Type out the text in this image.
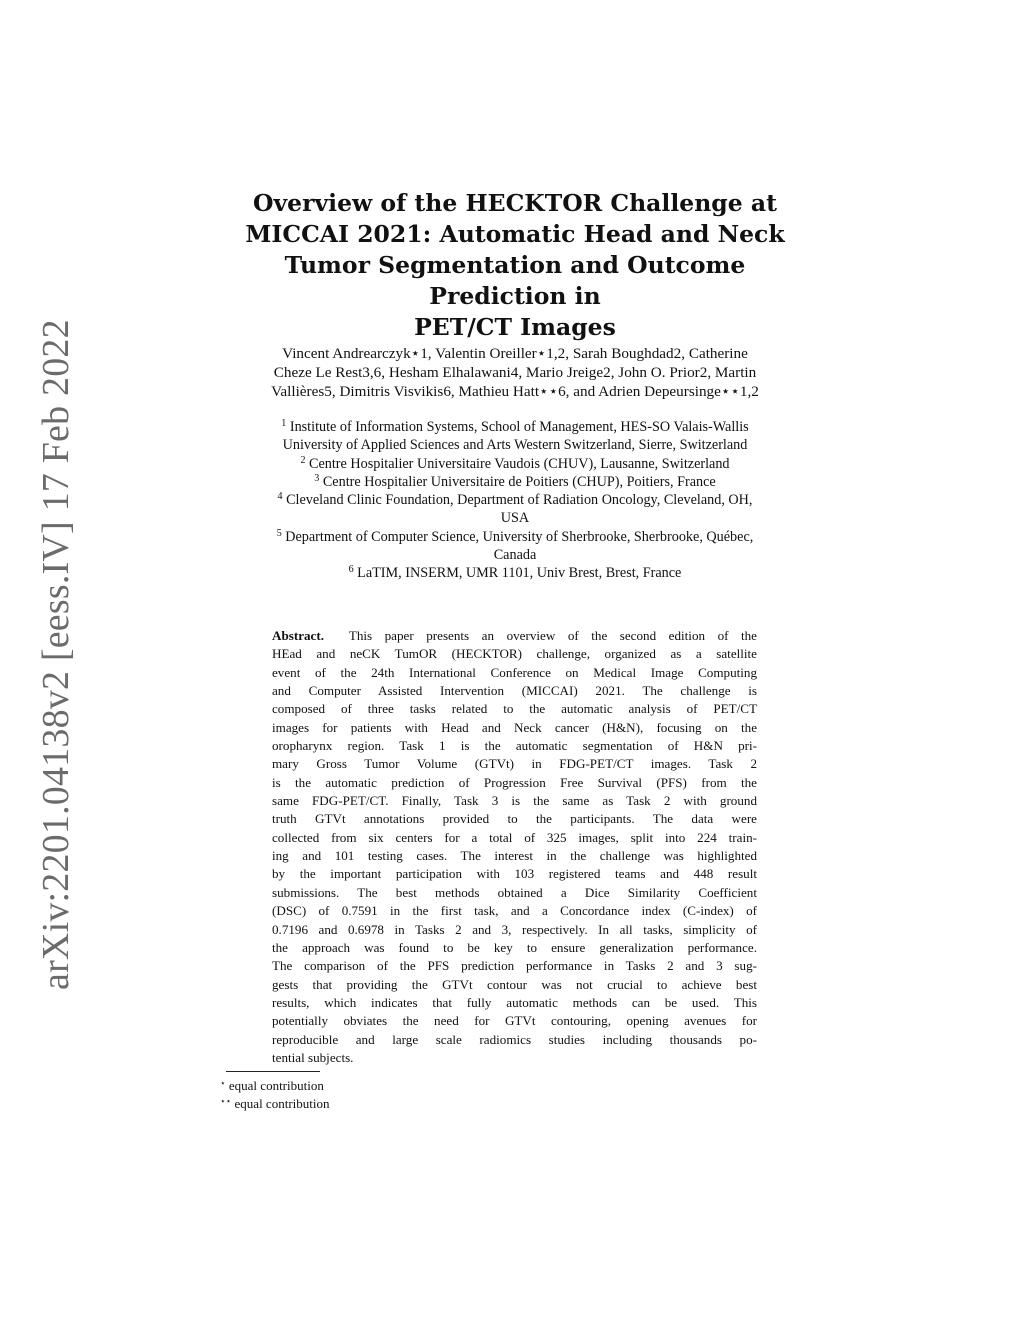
arXiv:2201.04138v2 [eess.IV] 17 Feb 2022
Overview of the HECKTOR Challenge at
MICCAI 2021: Automatic Head and Neck
Tumor Segmentation and Outcome Prediction in
PET/CT Images
Vincent Andrearczyk⋆1, Valentin Oreiller⋆1,2, Sarah Boughdad2, Catherine
Cheze Le Rest3,6, Hesham Elhalawani4, Mario Jreige2, John O. Prior2, Martin
Vallières5, Dimitris Visvikis6, Mathieu Hatt⋆⋆6, and Adrien Depeursinge⋆⋆1,2
$^1$ Institute of Information Systems, School of Management, HES-SO Valais-Wallis
University of Applied Sciences and Arts Western Switzerland, Sierre, Switzerland
$^2$ Centre Hospitalier Universitaire Vaudois (CHUV), Lausanne, Switzerland
$^3$ Centre Hospitalier Universitaire de Poitiers (CHUP), Poitiers, France
$^4$ Cleveland Clinic Foundation, Department of Radiation Oncology, Cleveland, OH,
USA
$^5$ Department of Computer Science, University of Sherbrooke, Sherbrooke, Québec,
Canada
$^6$ LaTIM, INSERM, UMR 1101, Univ Brest, Brest, France
Abstract. This paper presents an overview of the second edition of the
HEad and neCK TumOR (HECKTOR) challenge, organized as a satellite
event of the 24th International Conference on Medical Image Computing
and Computer Assisted Intervention (MICCAI) 2021. The challenge is
composed of three tasks related to the automatic analysis of PET/CT
images for patients with Head and Neck cancer (H&N), focusing on the
oropharynx region. Task 1 is the automatic segmentation of H&N pri-
mary Gross Tumor Volume (GTVt) in FDG-PET/CT images. Task 2
is the automatic prediction of Progression Free Survival (PFS) from the
same FDG-PET/CT. Finally, Task 3 is the same as Task 2 with ground
truth GTVt annotations provided to the participants. The data were
collected from six centers for a total of 325 images, split into 224 train-
ing and 101 testing cases. The interest in the challenge was highlighted
by the important participation with 103 registered teams and 448 result
submissions. The best methods obtained a Dice Similarity Coefficient
(DSC) of 0.7591 in the first task, and a Concordance index (C-index) of
0.7196 and 0.6978 in Tasks 2 and 3, respectively. In all tasks, simplicity of
the approach was found to be key to ensure generalization performance.
The comparison of the PFS prediction performance in Tasks 2 and 3 sug-
gests that providing the GTVt contour was not crucial to achieve best
results, which indicates that fully automatic methods can be used. This
potentially obviates the need for GTVt contouring, opening avenues for
reproducible and large scale radiomics studies including thousands po-
tential subjects.
⋆ equal contribution
⋆⋆ equal contribution
